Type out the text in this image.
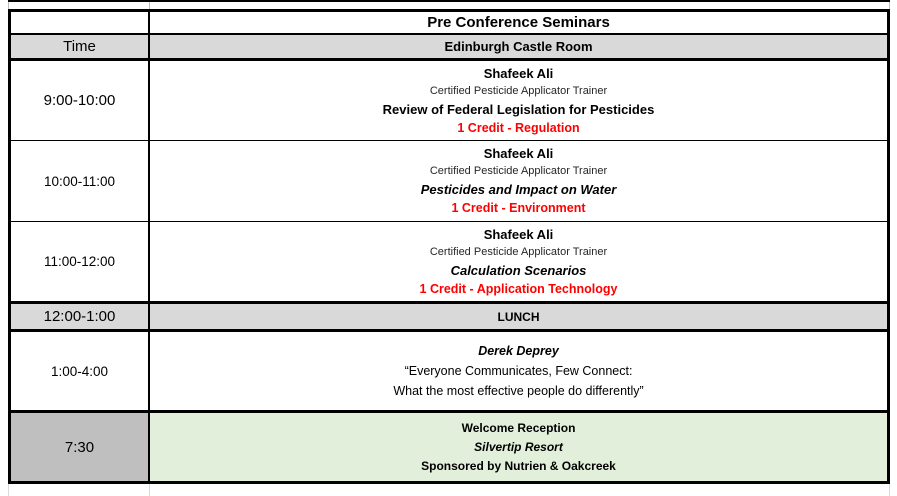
Pre Conference Seminars
Time	Edinburgh Castle Room
9:00-10:00
Shafeek Ali
Certified Pesticide Applicator Trainer
Review of Federal Legislation for Pesticides
1 Credit - Regulation
10:00-11:00
Shafeek Ali
Certified Pesticide Applicator Trainer
Pesticides and Impact on Water
1 Credit - Environment
11:00-12:00
Shafeek Ali
Certified Pesticide Applicator Trainer
Calculation Scenarios
1 Credit - Application Technology
12:00-1:00	LUNCH
1:00-4:00
Derek Deprey
“Everyone Communicates, Few Connect:
What the most effective people do differently”
7:30
Welcome Reception
Silvertip Resort
Sponsored by Nutrien & Oakcreek
